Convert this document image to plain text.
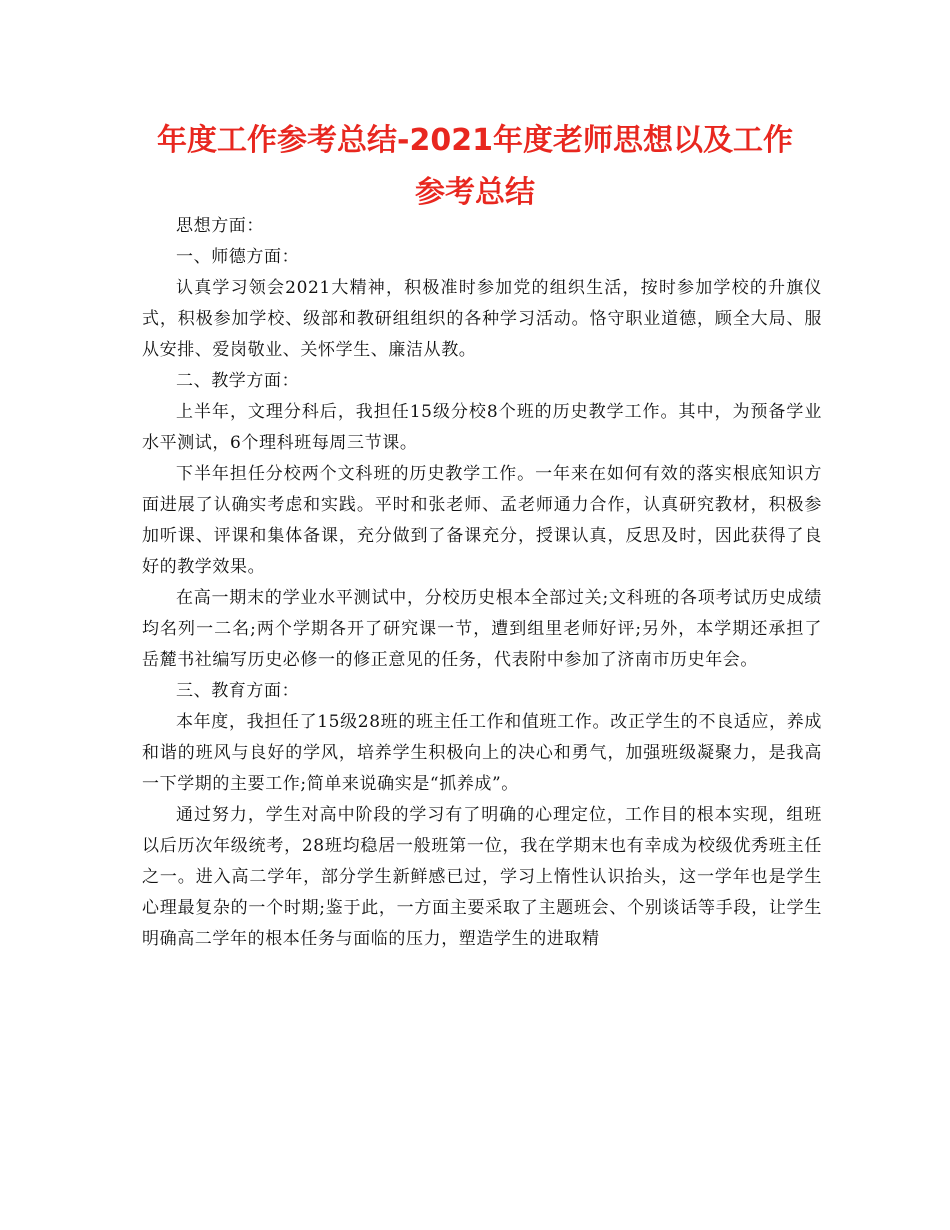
年度工作参考总结-2021年度老师思想以及工作
参考总结

思想方面：

一、师德方面：

认真学习领会2021大精神，积极准时参加党的组织生活，按时参加学校的升旗仪式，积极参加学校、级部和教研组组织的各种学习活动。恪守职业道德，顾全大局、服从安排、爱岗敬业、关怀学生、廉洁从教。

二、教学方面：

上半年，文理分科后，我担任15级分校8个班的历史教学工作。其中，为预备学业水平测试，6个理科班每周三节课。

下半年担任分校两个文科班的历史教学工作。一年来在如何有效的落实根底知识方面进展了认确实考虑和实践。平时和张老师、孟老师通力合作，认真研究教材，积极参加听课、评课和集体备课，充分做到了备课充分，授课认真，反思及时，因此获得了良好的教学效果。

在高一期末的学业水平测试中，分校历史根本全部过关;文科班的各项考试历史成绩均名列一二名;两个学期各开了研究课一节，遭到组里老师好评;另外，本学期还承担了岳麓书社编写历史必修一的修正意见的任务，代表附中参加了济南市历史年会。

三、教育方面：

本年度，我担任了15级28班的班主任工作和值班工作。改正学生的不良适应，养成和谐的班风与良好的学风，培养学生积极向上的决心和勇气，加强班级凝聚力，是我高一下学期的主要工作;简单来说确实是“抓养成”。

通过努力，学生对高中阶段的学习有了明确的心理定位，工作目的根本实现，组班以后历次年级统考，28班均稳居一般班第一位，我在学期末也有幸成为校级优秀班主任之一。进入高二学年，部分学生新鲜感已过，学习上惰性认识抬头，这一学年也是学生心理最复杂的一个时期;鉴于此，一方面主要采取了主题班会、个别谈话等手段，让学生明确高二学年的根本任务与面临的压力，塑造学生的进取精
